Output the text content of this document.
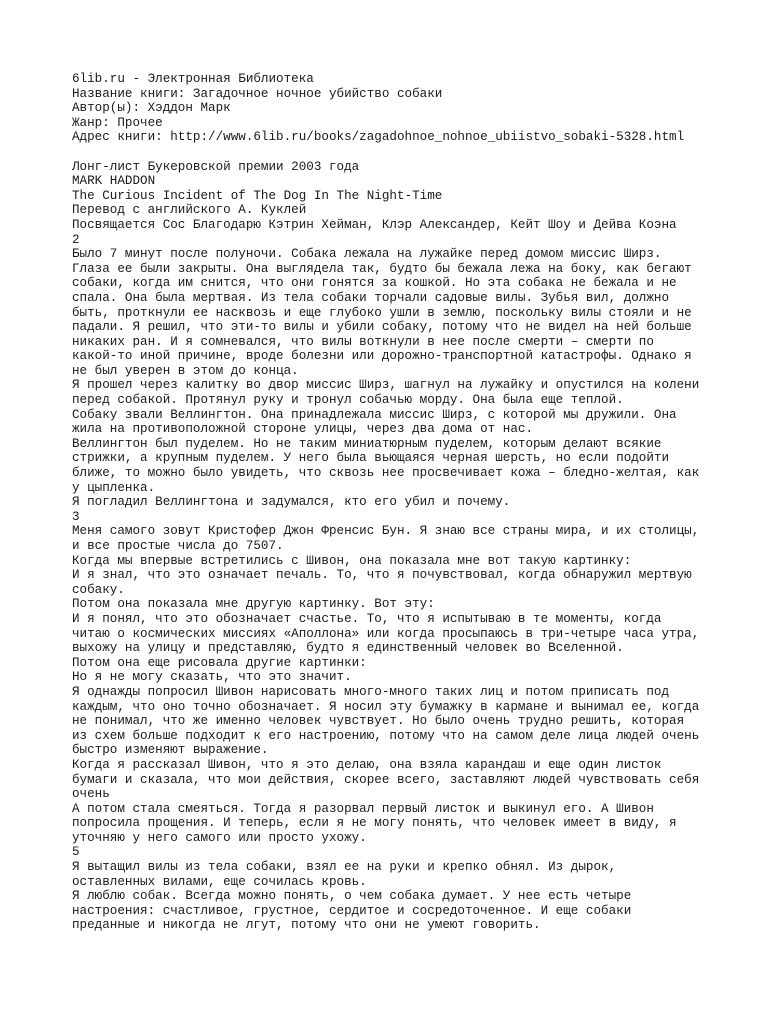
6lib.ru - Электронная Библиотека
Название книги: Загадочное ночное убийство собаки
Автор(ы): Хэддон Марк
Жанр: Прочее
Адрес книги: http://www.6lib.ru/books/zagadohnoe_nohnoe_ubiistvo_sobaki-5328.html
Лонг-лист Букеровской премии 2003 года
MARK HADDON
The Curious Incident of The Dog In The Night-Time
Перевод с английского А. Куклей
Посвящается Сос Благодарю Кэтрин Хейман, Клэр Александер, Кейт Шоу и Дейва Коэна
2
Было 7 минут после полуночи. Собака лежала на лужайке перед домом миссис Ширз.
Глаза ее были закрыты. Она выглядела так, будто бы бежала лежа на боку, как бегают
собаки, когда им снится, что они гонятся за кошкой. Но эта собака не бежала и не
спала. Она была мертвая. Из тела собаки торчали садовые вилы. Зубья вил, должно
быть, проткнули ее насквозь и еще глубоко ушли в землю, поскольку вилы стояли и не
падали. Я решил, что эти-то вилы и убили собаку, потому что не видел на ней больше
никаких ран. И я сомневался, что вилы воткнули в нее после смерти – смерти по
какой-то иной причине, вроде болезни или дорожно-транспортной катастрофы. Однако я
не был уверен в этом до конца.
Я прошел через калитку во двор миссис Ширз, шагнул на лужайку и опустился на колени
перед собакой. Протянул руку и тронул собачью морду. Она была еще теплой.
Собаку звали Веллингтон. Она принадлежала миссис Ширз, с которой мы дружили. Она
жила на противоположной стороне улицы, через два дома от нас.
Веллингтон был пуделем. Но не таким миниатюрным пуделем, которым делают всякие
стрижки, а крупным пуделем. У него была вьющаяся черная шерсть, но если подойти
ближе, то можно было увидеть, что сквозь нее просвечивает кожа – бледно-желтая, как
у цыпленка.
Я погладил Веллингтона и задумался, кто его убил и почему.
3
Меня самого зовут Кристофер Джон Френсис Бун. Я знаю все страны мира, и их столицы,
и все простые числа до 7507.
Когда мы впервые встретились с Шивон, она показала мне вот такую картинку:
И я знал, что это означает печаль. То, что я почувствовал, когда обнаружил мертвую
собаку.
Потом она показала мне другую картинку. Вот эту:
И я понял, что это обозначает счастье. То, что я испытываю в те моменты, когда
читаю о космических миссиях «Аполлона» или когда просыпаюсь в три-четыре часа утра,
выхожу на улицу и представляю, будто я единственный человек во Вселенной.
Потом она еще рисовала другие картинки:
Но я не могу сказать, что это значит.
Я однажды попросил Шивон нарисовать много-много таких лиц и потом приписать под
каждым, что оно точно обозначает. Я носил эту бумажку в кармане и вынимал ее, когда
не понимал, что же именно человек чувствует. Но было очень трудно решить, которая
из схем больше подходит к его настроению, потому что на самом деле лица людей очень
быстро изменяют выражение.
Когда я рассказал Шивон, что я это делаю, она взяла карандаш и еще один листок
бумаги и сказала, что мои действия, скорее всего, заставляют людей чувствовать себя
очень
А потом стала смеяться. Тогда я разорвал первый листок и выкинул его. А Шивон
попросила прощения. И теперь, если я не могу понять, что человек имеет в виду, я
уточняю у него самого или просто ухожу.
5
Я вытащил вилы из тела собаки, взял ее на руки и крепко обнял. Из дырок,
оставленных вилами, еще сочилась кровь.
Я люблю собак. Всегда можно понять, о чем собака думает. У нее есть четыре
настроения: счастливое, грустное, сердитое и сосредоточенное. И еще собаки
преданные и никогда не лгут, потому что они не умеют говорить.
